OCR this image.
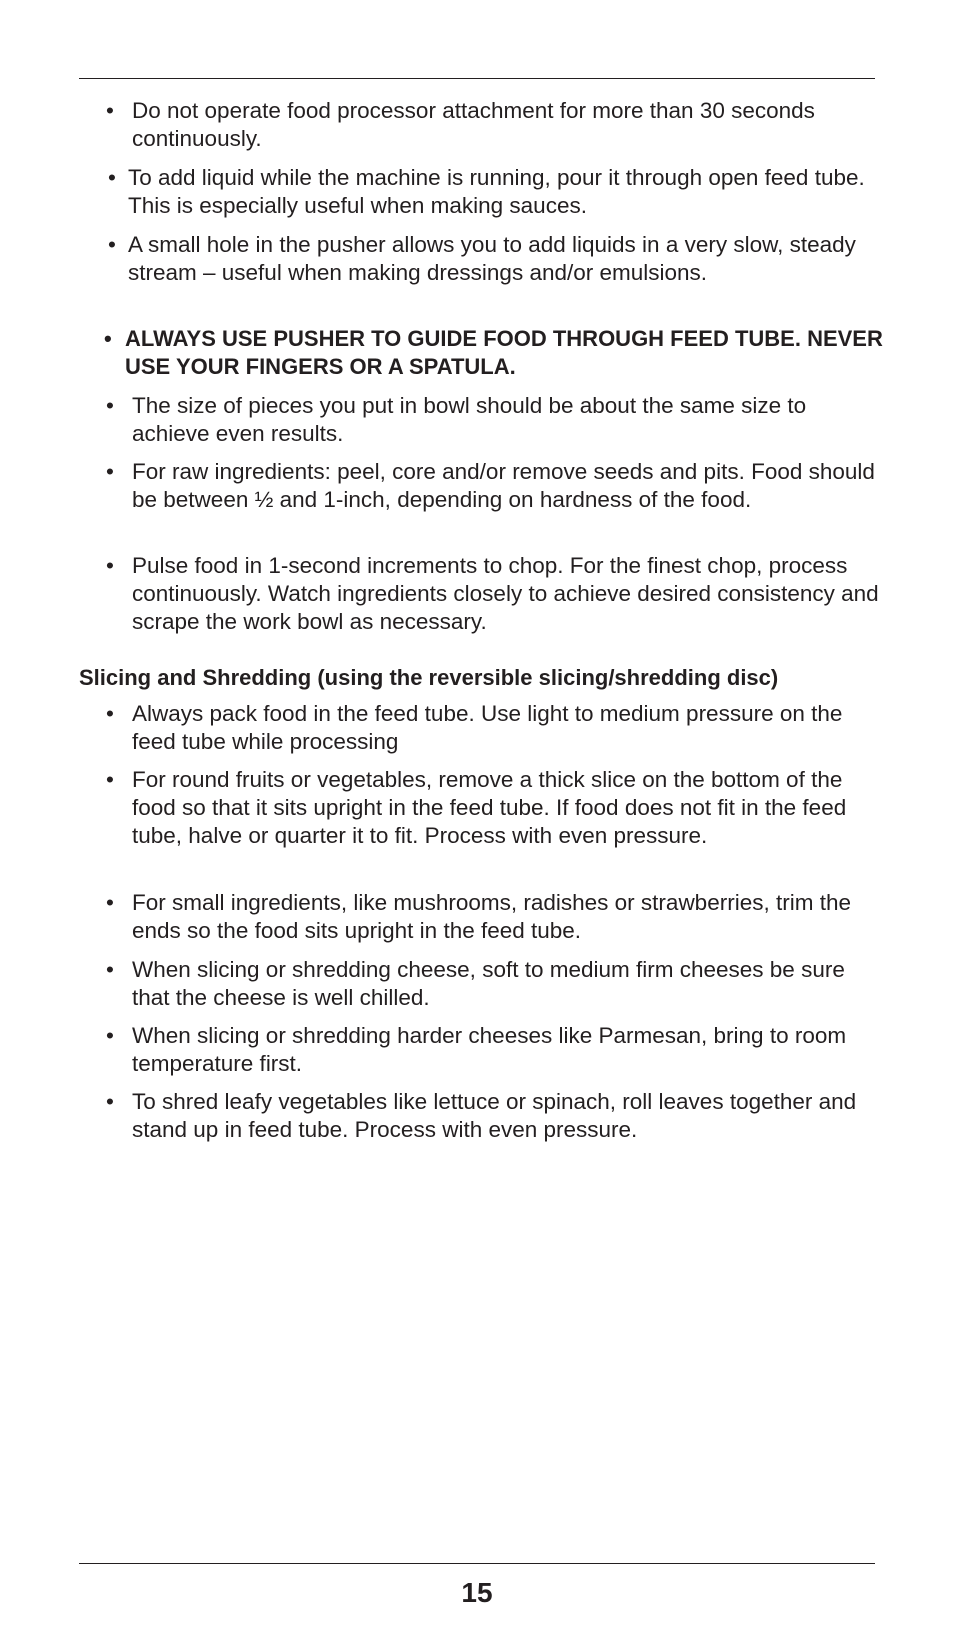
• Do not operate food processor attachment for more than 30 seconds continuously.
• To add liquid while the machine is running, pour it through open feed tube. This is especially useful when making sauces.
• A small hole in the pusher allows you to add liquids in a very slow, steady stream – useful when making dressings and/or emulsions.
• ALWAYS USE PUSHER TO GUIDE FOOD THROUGH FEED TUBE. NEVER USE YOUR FINGERS OR A SPATULA.
• The size of pieces you put in bowl should be about the same size to achieve even results.
• For raw ingredients: peel, core and/or remove seeds and pits. Food should be between ½ and 1-inch, depending on hardness of the food.
• Pulse food in 1-second increments to chop. For the finest chop, process continuously. Watch ingredients closely to achieve desired consistency and scrape the work bowl as necessary.
Slicing and Shredding (using the reversible slicing/shredding disc)
• Always pack food in the feed tube. Use light to medium pressure on the feed tube while processing
• For round fruits or vegetables, remove a thick slice on the bottom of the food so that it sits upright in the feed tube. If food does not fit in the feed tube, halve or quarter it to fit. Process with even pressure.
• For small ingredients, like mushrooms, radishes or strawberries, trim the ends so the food sits upright in the feed tube.
• When slicing or shredding cheese, soft to medium firm cheeses be sure that the cheese is well chilled.
• When slicing or shredding harder cheeses like Parmesan, bring to room temperature first.
• To shred leafy vegetables like lettuce or spinach, roll leaves together and stand up in feed tube. Process with even pressure.
15
